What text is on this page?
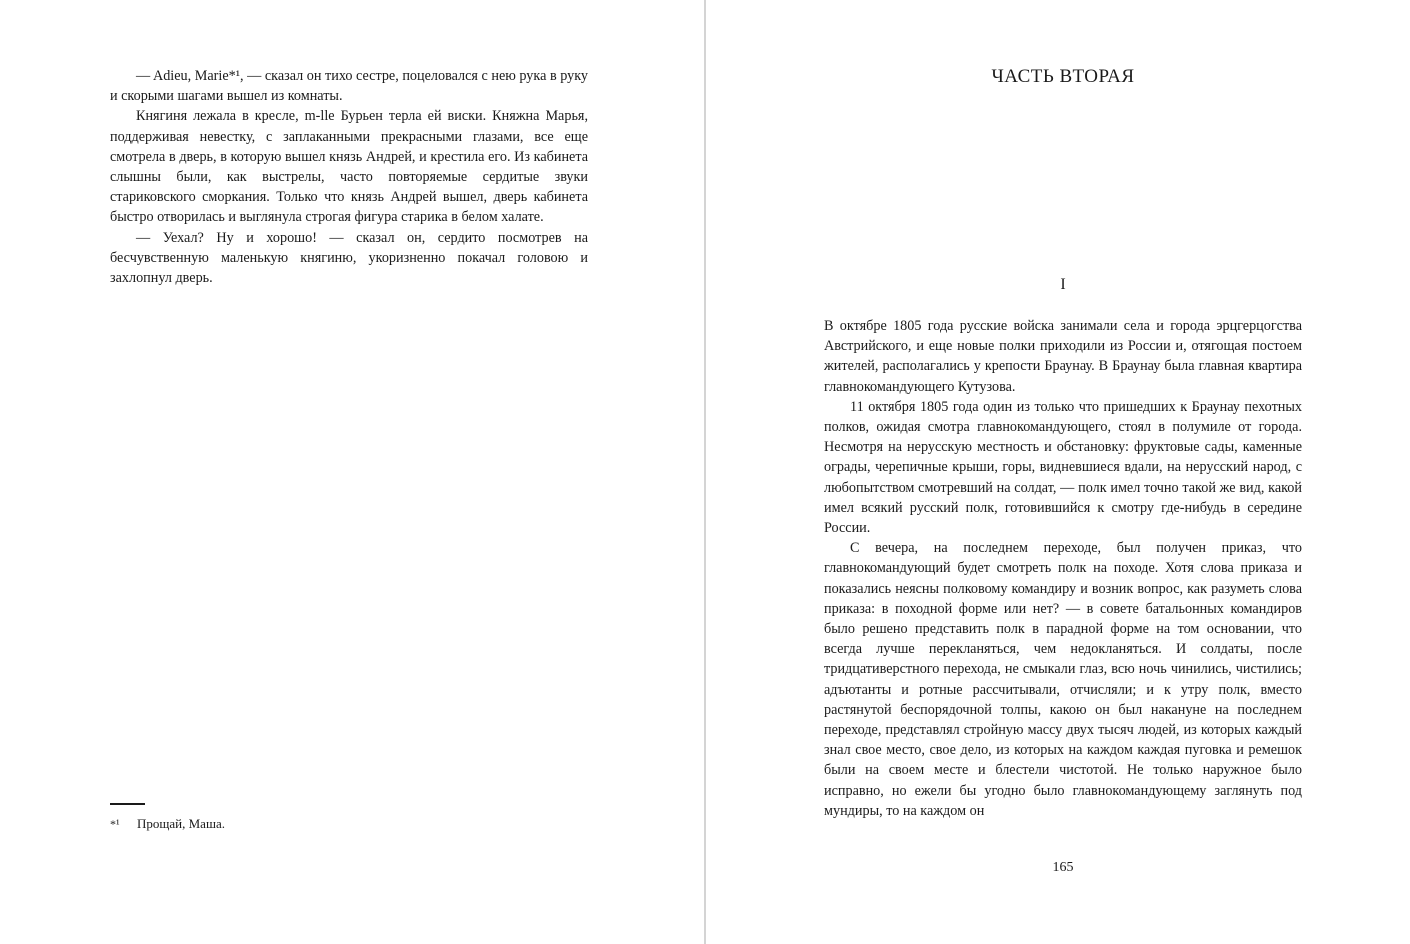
— Adieu, Marie*¹, — сказал он тихо сестре, поцеловался с нею рука в руку и скорыми шагами вышел из комнаты.

Княгиня лежала в кресле, m-lle Бурьен терла ей виски. Княжна Марья, поддерживая невестку, с заплаканными прекрасными глазами, все еще смотрела в дверь, в которую вышел князь Андрей, и крестила его. Из кабинета слышны были, как выстрелы, часто повторяемые сердитые звуки стариковского сморкания. Только что князь Андрей вышел, дверь кабинета быстро отворилась и выглянула строгая фигура старика в белом халате.

— Уехал? Ну и хорошо! — сказал он, сердито посмотрев на бесчувственную маленькую княгиню, укоризненно покачал головою и захлопнул дверь.

*¹ Прощай, Маша.
ЧАСТЬ ВТОРАЯ
I

В октябре 1805 года русские войска занимали села и города эрцгерцогства Австрийского, и еще новые полки приходили из России и, отягощая постоем жителей, располагались у крепости Браунау. В Браунау была главная квартира главнокомандующего Кутузова.

11 октября 1805 года один из только что пришедших к Браунау пехотных полков, ожидая смотра главнокомандующего, стоял в полумиле от города. Несмотря на нерусскую местность и обстановку: фруктовые сады, каменные ограды, черепичные крыши, горы, видневшиеся вдали, на нерусский народ, с любопытством смотревший на солдат, — полк имел точно такой же вид, какой имел всякий русский полк, готовившийся к смотру где-нибудь в середине России.

С вечера, на последнем переходе, был получен приказ, что главнокомандующий будет смотреть полк на походе. Хотя слова приказа и показались неясны полковому командиру и возник вопрос, как разуметь слова приказа: в походной форме или нет? — в совете батальонных командиров было решено представить полк в парадной форме на том основании, что всегда лучше перекланяться, чем недокланяться. И солдаты, после тридцативерстного перехода, не смыкали глаз, всю ночь чинились, чистились; адъютанты и ротные рассчитывали, отчисляли; и к утру полк, вместо растянутой беспорядочной толпы, какою он был накануне на последнем переходе, представлял стройную массу двух тысяч людей, из которых каждый знал свое место, свое дело, из которых на каждом каждая пуговка и ремешок были на своем месте и блестели чистотой. Не только наружное было исправно, но ежели бы угодно было главнокомандующему заглянуть под мундиры, то на каждом он

165
